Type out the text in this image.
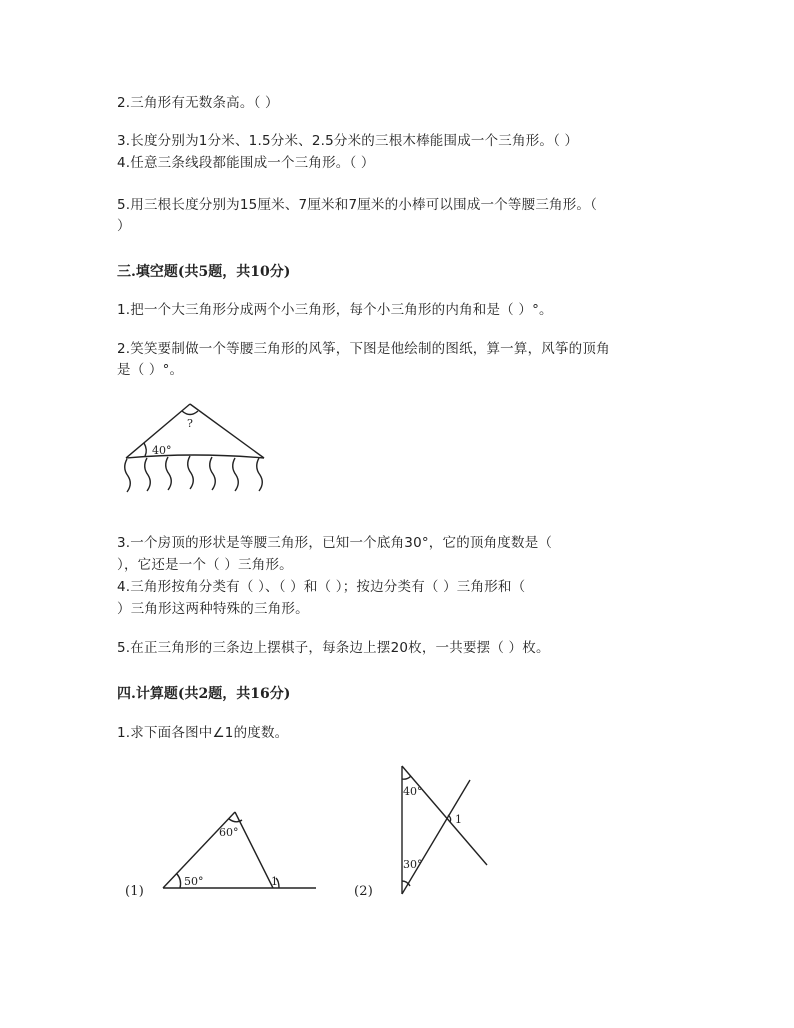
2.三角形有无数条高。（ ）
3.长度分别为1分米、1.5分米、2.5分米的三根木棒能围成一个三角形。（ ）
4.任意三条线段都能围成一个三角形。（ ）
5.用三根长度分别为15厘米、7厘米和7厘米的小棒可以围成一个等腰三角形。（
）
三.填空题(共5题，共10分)
1.把一个大三角形分成两个小三角形，每个小三角形的内角和是（ ）°。
2.笑笑要制做一个等腰三角形的风筝，下图是他绘制的图纸，算一算，风筝的顶角
是（ ）°。
?
40°
3.一个房顶的形状是等腰三角形，已知一个底角30°，它的顶角度数是（
），它还是一个（ ）三角形。
4.三角形按角分类有（ ）、（ ）和（ ）；按边分类有（ ）三角形和（
）三角形这两种特殊的三角形。
5.在正三角形的三条边上摆棋子，每条边上摆20枚，一共要摆（ ）枚。
四.计算题(共2题，共16分)
1.求下面各图中∠1的度数。
(1)
60°
50°	1
(2)
40°
30°
1
